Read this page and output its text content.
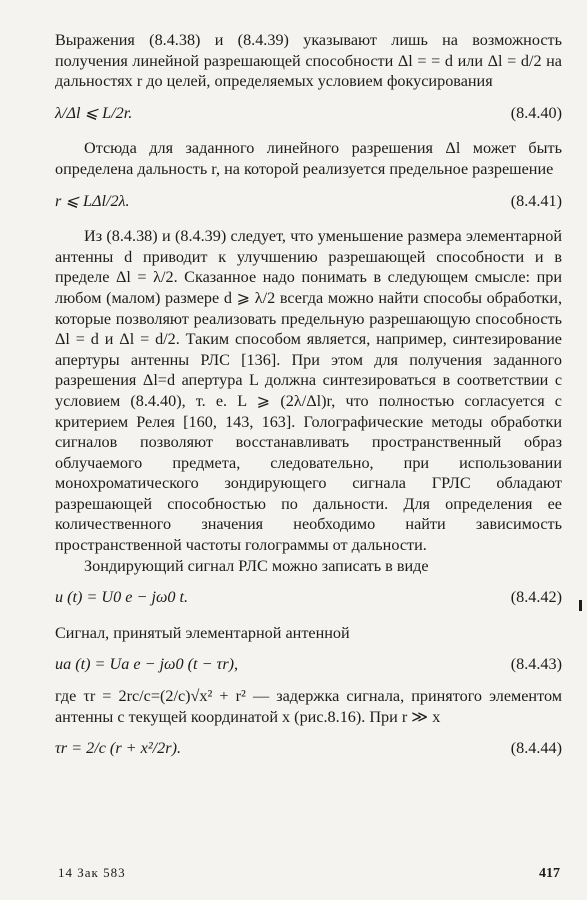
Выражения (8.4.38) и (8.4.39) указывают лишь на возможность получения линейной разрешающей способности Δl = = d или Δl = d/2 на дальностях r до целей, определяемых условием фокусирования

λ/Δl ⩽ L/2r.	(8.4.40)

Отсюда для заданного линейного разрешения Δl может быть определена дальность r, на которой реализуется предельное разрешение

r ⩽ LΔl/2λ.	(8.4.41)

Из (8.4.38) и (8.4.39) следует, что уменьшение размера элементарной антенны d приводит к улучшению разрешающей способности и в пределе Δl = λ/2. Сказанное надо понимать в следующем смысле: при любом (малом) размере d ⩾ λ/2 всегда можно найти способы обработки, которые позволяют реализовать предельную разрешающую способность Δl = d и Δl = d/2. Таким способом является, например, синтезирование апертуры антенны РЛС [136]. При этом для получения заданного разрешения Δl=d апертура L должна синтезироваться в соответствии с условием (8.4.40), т. е. L ⩾ (2λ/Δl)r, что полностью согласуется с критерием Релея [160, 143, 163]. Голографические методы обработки сигналов позволяют восстанавливать пространственный образ облучаемого предмета, следовательно, при использовании монохроматического зондирующего сигнала ГРЛС обладают разрешающей способностью по дальности. Для определения ее количественного значения необходимо найти зависимость пространственной частоты голограммы от дальности.

Зондирующий сигнал РЛС можно записать в виде

u (t) = U0 e − jω0 t.	(8.4.42)

Сигнал, принятый элементарной антенной

ua (t) = Ua e − jω0 (t − τr),	(8.4.43)

где τr = 2rc/c=(2/c)√x² + r² — задержка сигнала, принятого элементом антенны с текущей координатой x (рис.8.16). При r ≫ x

τr = 2/c (r + x²/2r).	(8.4.44)
14 Зак 583	417
